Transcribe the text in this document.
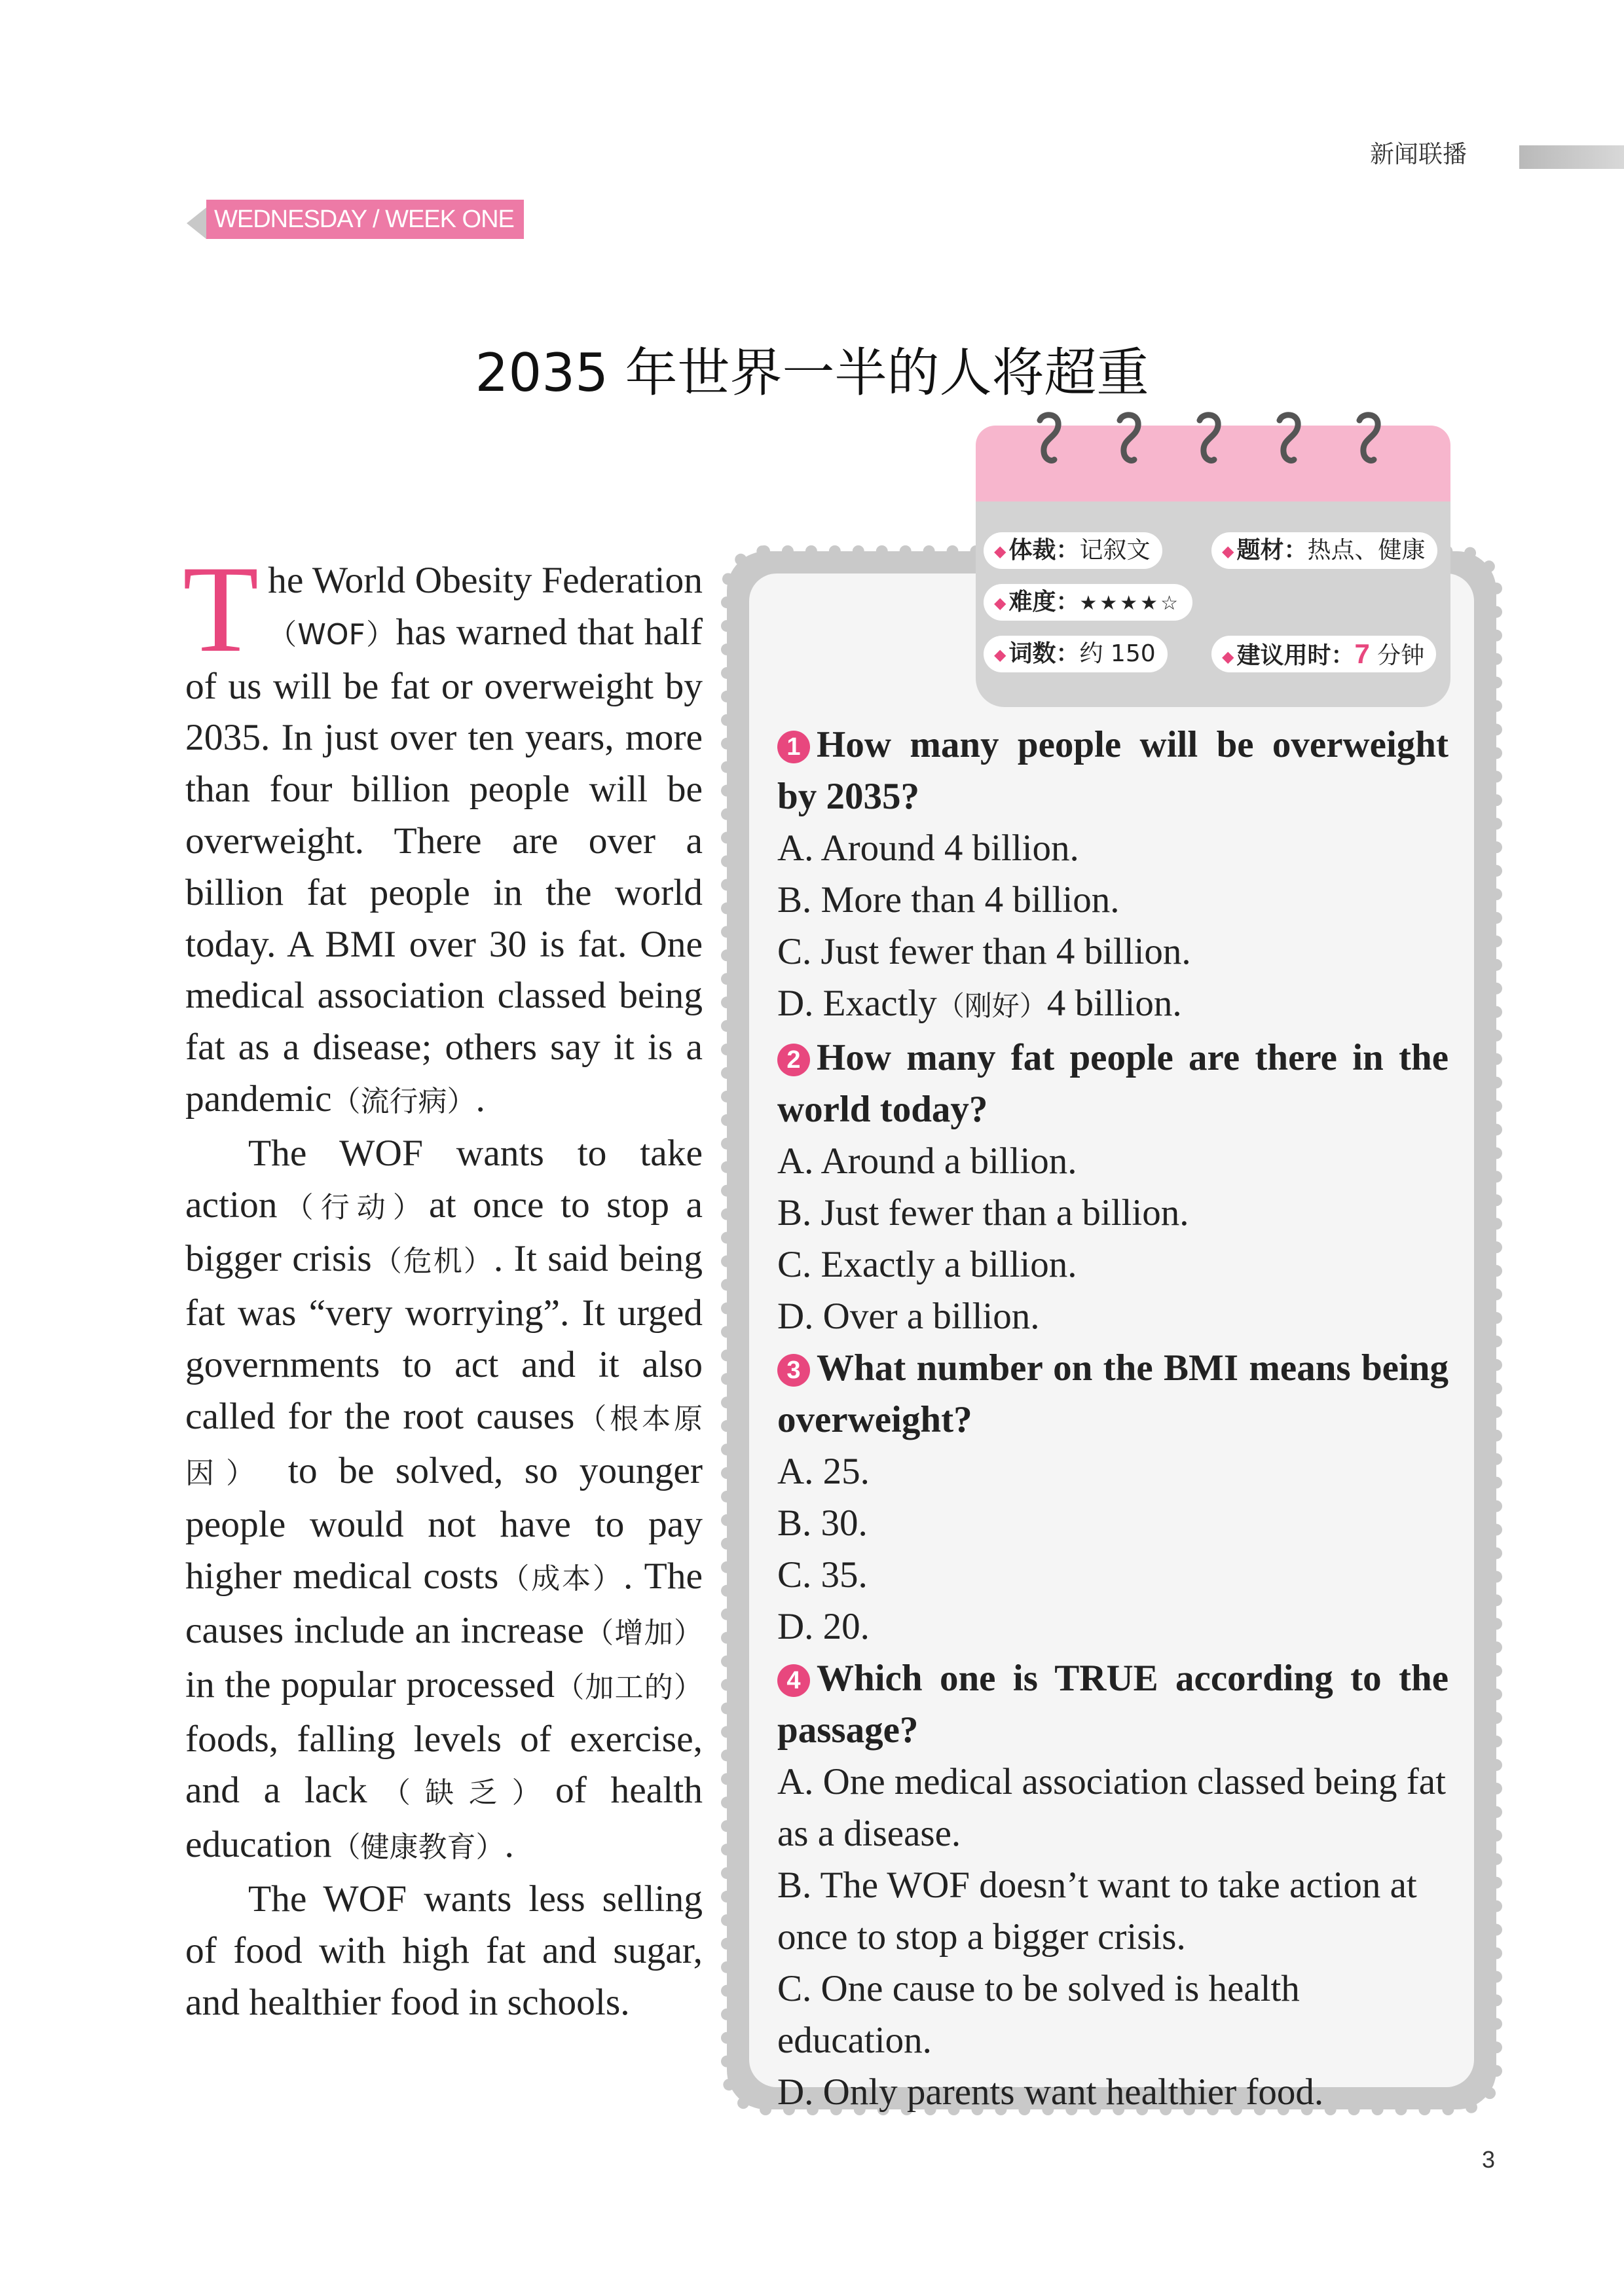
新闻联播
WEDNESDAY / WEEK ONE
2035 年世界一半的人将超重

The World Obesity Federation（WOF）has warned that half of us will be fat or overweight by 2035. In just over ten years, more than four billion people will be overweight. There are over a billion fat people in the world today. A BMI over 30 is fat. One medical association classed being fat as a disease; others say it is a pandemic（流行病）.

The WOF wants to take action（行动）at once to stop a bigger crisis（危机）. It said being fat was “very worrying”. It urged governments to act and it also called for the root causes（根本原因） to be solved, so younger people would not have to pay higher medical costs（成本）. The causes include an increase（增加）in the popular processed（加工的）foods, falling levels of exercise, and a lack（缺乏）of health education（健康教育）.

The WOF wants less selling of food with high fat and sugar, and healthier food in schools.

◆ 体裁：记叙文	◆ 题材：热点、健康
◆ 难度：★★★★☆
◆ 词数：约 150	◆ 建议用时：7 分钟
1 How many people will be overweight by 2035?
A. Around 4 billion.
B. More than 4 billion.
C. Just fewer than 4 billion.
D. Exactly（刚好）4 billion.
2 How many fat people are there in the world today?
A. Around a billion.
B. Just fewer than a billion.
C. Exactly a billion.
D. Over a billion.
3 What number on the BMI means being overweight?
A. 25.
B. 30.
C. 35.
D. 20.
4 Which one is TRUE according to the passage?
A. One medical association classed being fat as a disease.
B. The WOF doesn’t want to take action at once to stop a bigger crisis.
C. One cause to be solved is health education.
D. Only parents want healthier food.
3
